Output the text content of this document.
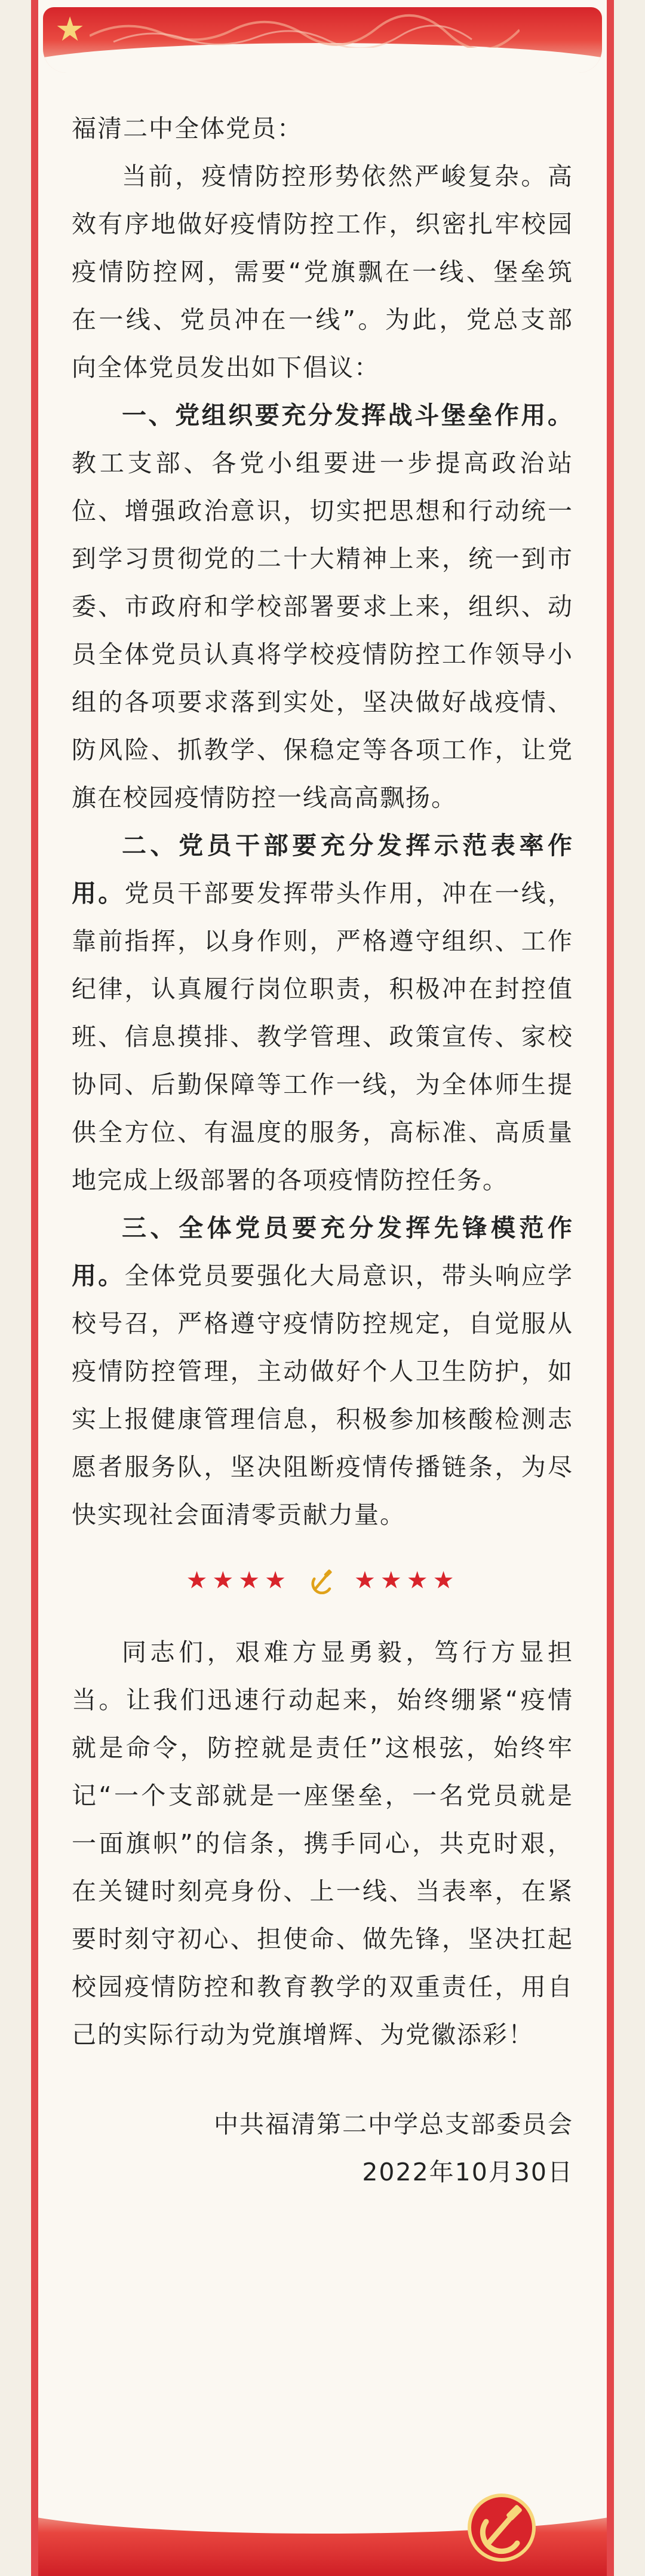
★

福清二中全体党员：

当前，疫情防控形势依然严峻复杂。高效有序地做好疫情防控工作，织密扎牢校园疫情防控网，需要“党旗飘在一线、堡垒筑在一线、党员冲在一线”。为此，党总支部向全体党员发出如下倡议：

一、党组织要充分发挥战斗堡垒作用。教工支部、各党小组要进一步提高政治站位、增强政治意识，切实把思想和行动统一到学习贯彻党的二十大精神上来，统一到市委、市政府和学校部署要求上来，组织、动员全体党员认真将学校疫情防控工作领导小组的各项要求落到实处，坚决做好战疫情、防风险、抓教学、保稳定等各项工作，让党旗在校园疫情防控一线高高飘扬。

二、党员干部要充分发挥示范表率作用。党员干部要发挥带头作用，冲在一线，靠前指挥，以身作则，严格遵守组织、工作纪律，认真履行岗位职责，积极冲在封控值班、信息摸排、教学管理、政策宣传、家校协同、后勤保障等工作一线，为全体师生提供全方位、有温度的服务，高标准、高质量地完成上级部署的各项疫情防控任务。

三、全体党员要充分发挥先锋模范作用。全体党员要强化大局意识，带头响应学校号召，严格遵守疫情防控规定，自觉服从疫情防控管理，主动做好个人卫生防护，如实上报健康管理信息，积极参加核酸检测志愿者服务队，坚决阻断疫情传播链条，为尽快实现社会面清零贡献力量。

★★★★	★★★★

同志们，艰难方显勇毅，笃行方显担当。让我们迅速行动起来，始终绷紧“疫情就是命令，防控就是责任”这根弦，始终牢记“一个支部就是一座堡垒，一名党员就是一面旗帜”的信条，携手同心，共克时艰，在关键时刻亮身份、上一线、当表率，在紧要时刻守初心、担使命、做先锋，坚决扛起校园疫情防控和教育教学的双重责任，用自己的实际行动为党旗增辉、为党徽添彩！

中共福清第二中学总支部委员会

2022年10月30日
